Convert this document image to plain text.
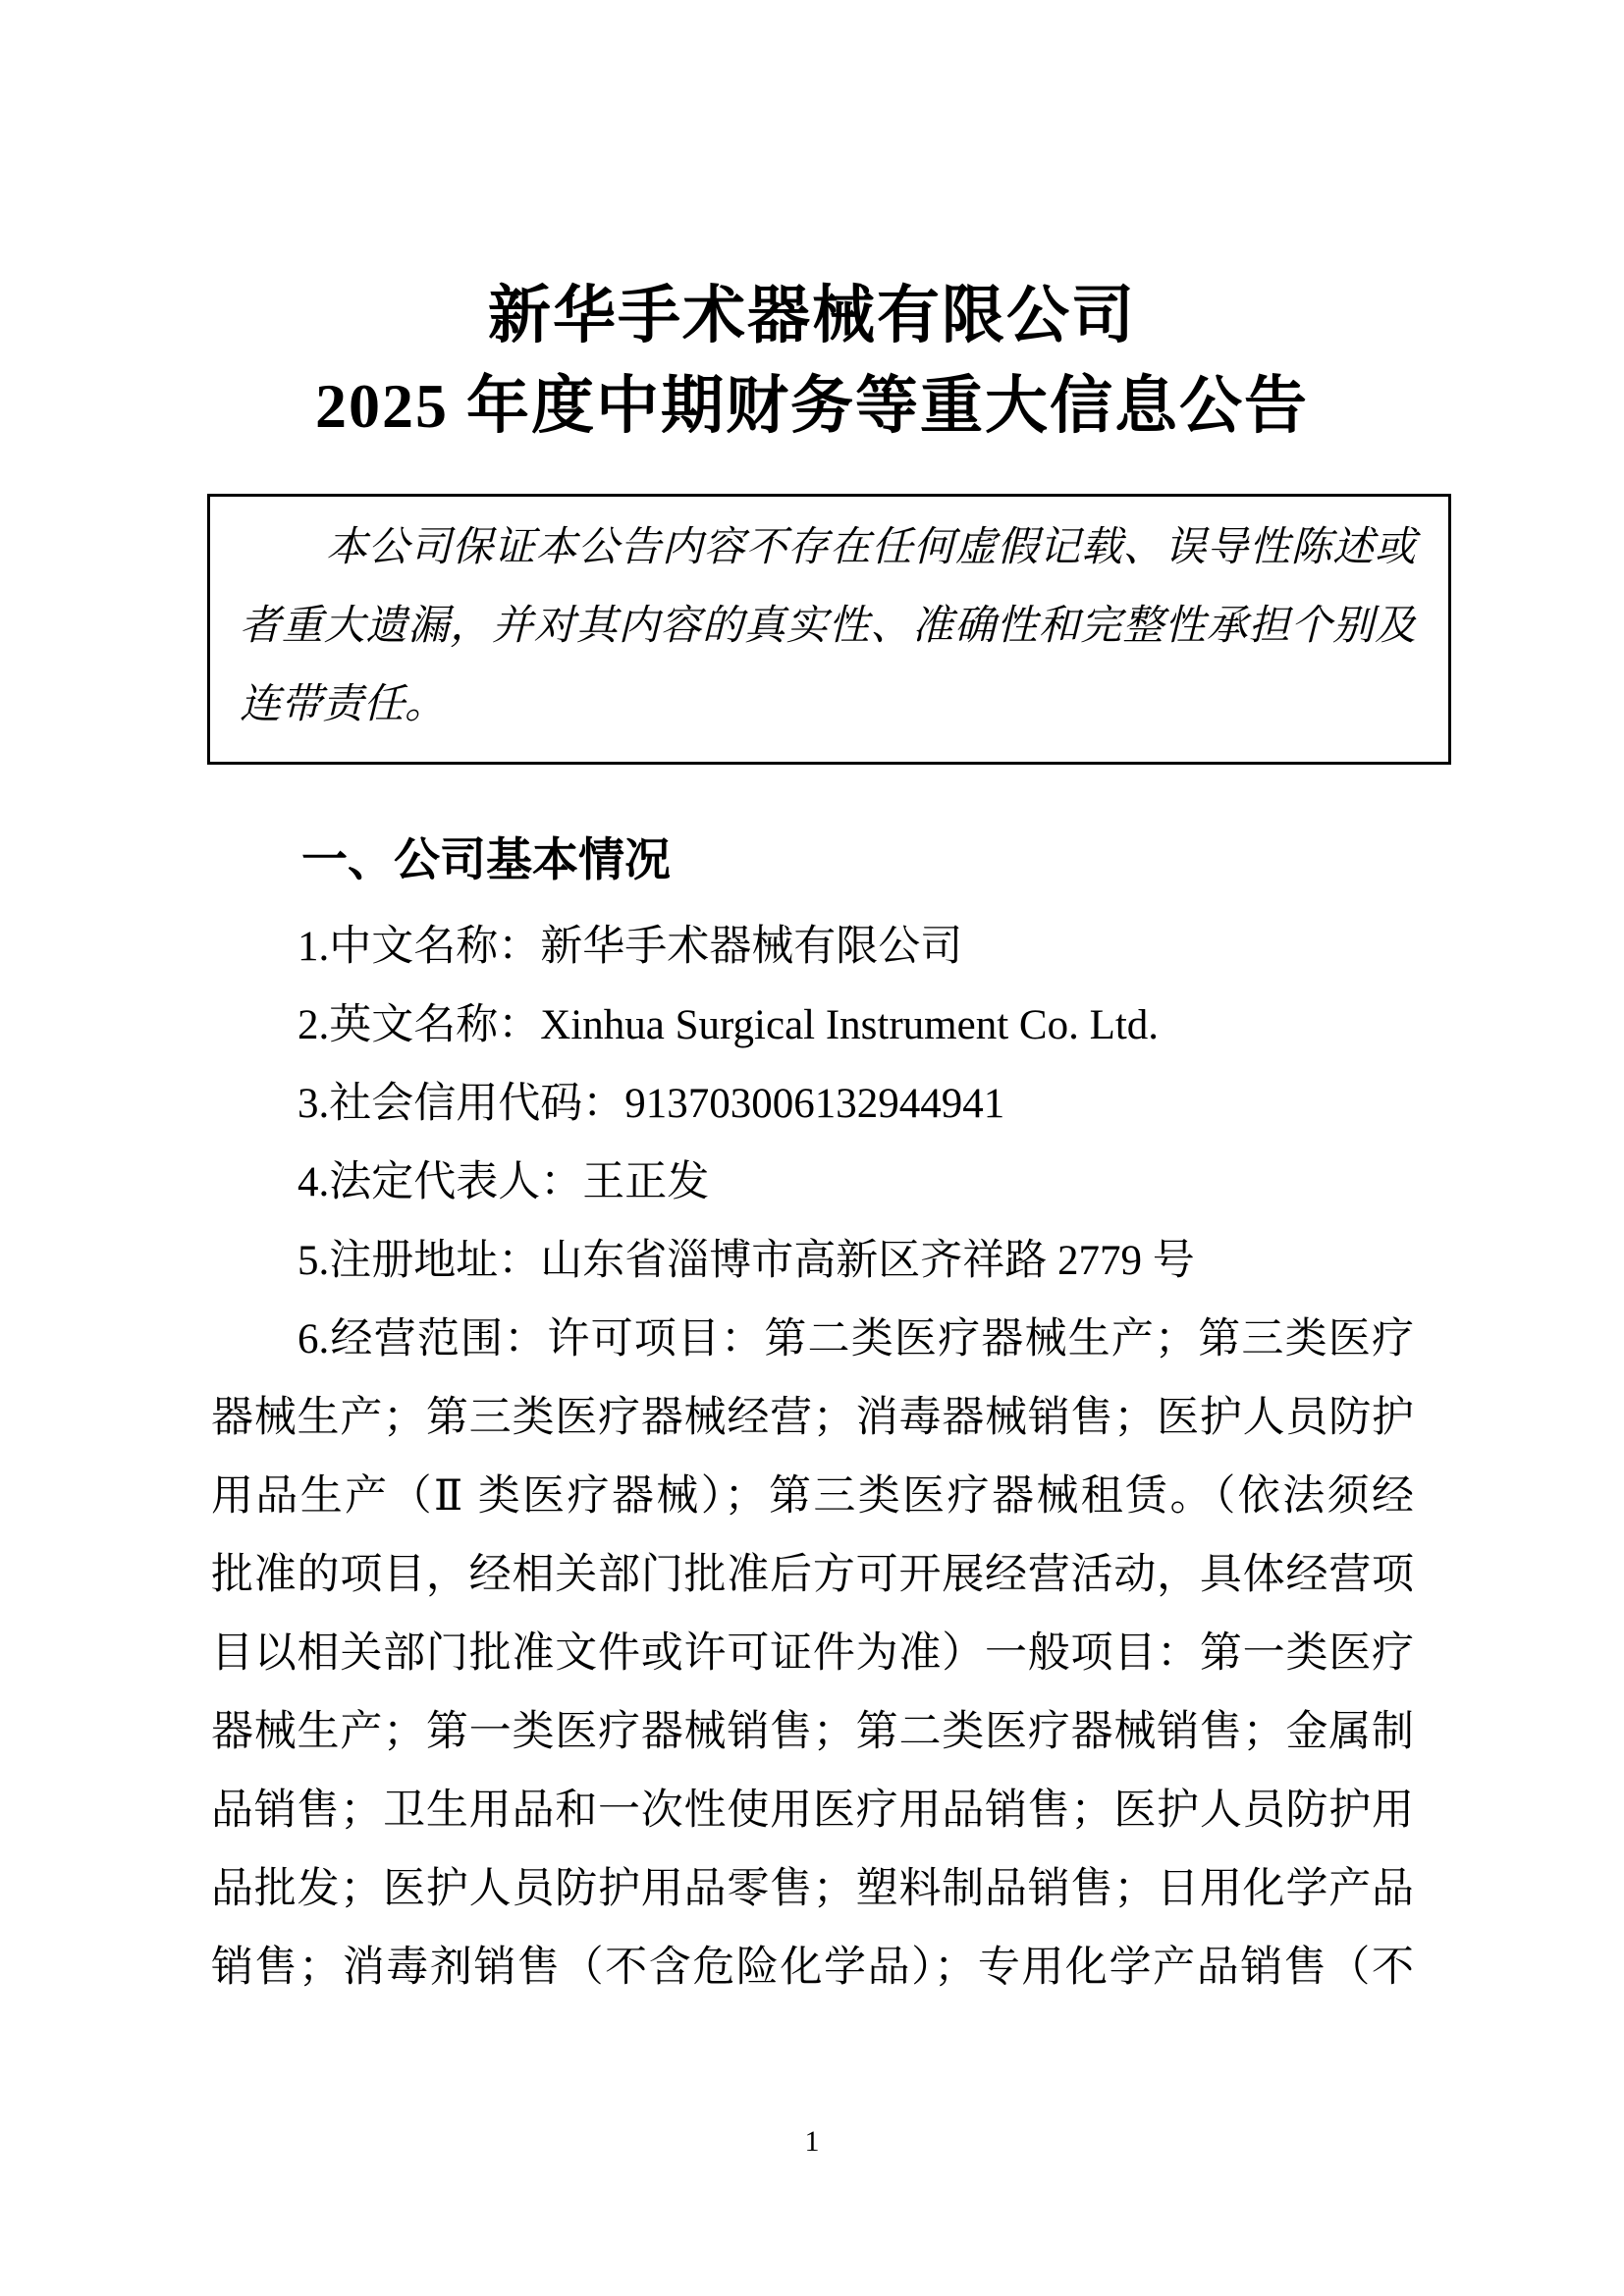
新华手术器械有限公司
2025 年度中期财务等重大信息公告

本公司保证本公告内容不存在任何虚假记载、误导性陈述或

者重大遗漏，并对其内容的真实性、准确性和完整性承担个别及

连带责任。

一、公司基本情况

1.中文名称：新华手术器械有限公司

2.英文名称：Xinhua Surgical Instrument Co. Ltd.

3.社会信用代码：913703006132944941

4.法定代表人：王正发

5.注册地址：山东省淄博市高新区齐祥路 2779 号

6.经营范围：许可项目：第二类医疗器械生产；第三类医疗

器械生产；第三类医疗器械经营；消毒器械销售；医护人员防护

用品生产（Ⅱ 类医疗器械）；第三类医疗器械租赁。（依法须经

批准的项目，经相关部门批准后方可开展经营活动，具体经营项

目以相关部门批准文件或许可证件为准）一般项目：第一类医疗

器械生产；第一类医疗器械销售；第二类医疗器械销售；金属制

品销售；卫生用品和一次性使用医疗用品销售；医护人员防护用

品批发；医护人员防护用品零售；塑料制品销售；日用化学产品

销售；消毒剂销售（不含危险化学品）；专用化学产品销售（不

1
